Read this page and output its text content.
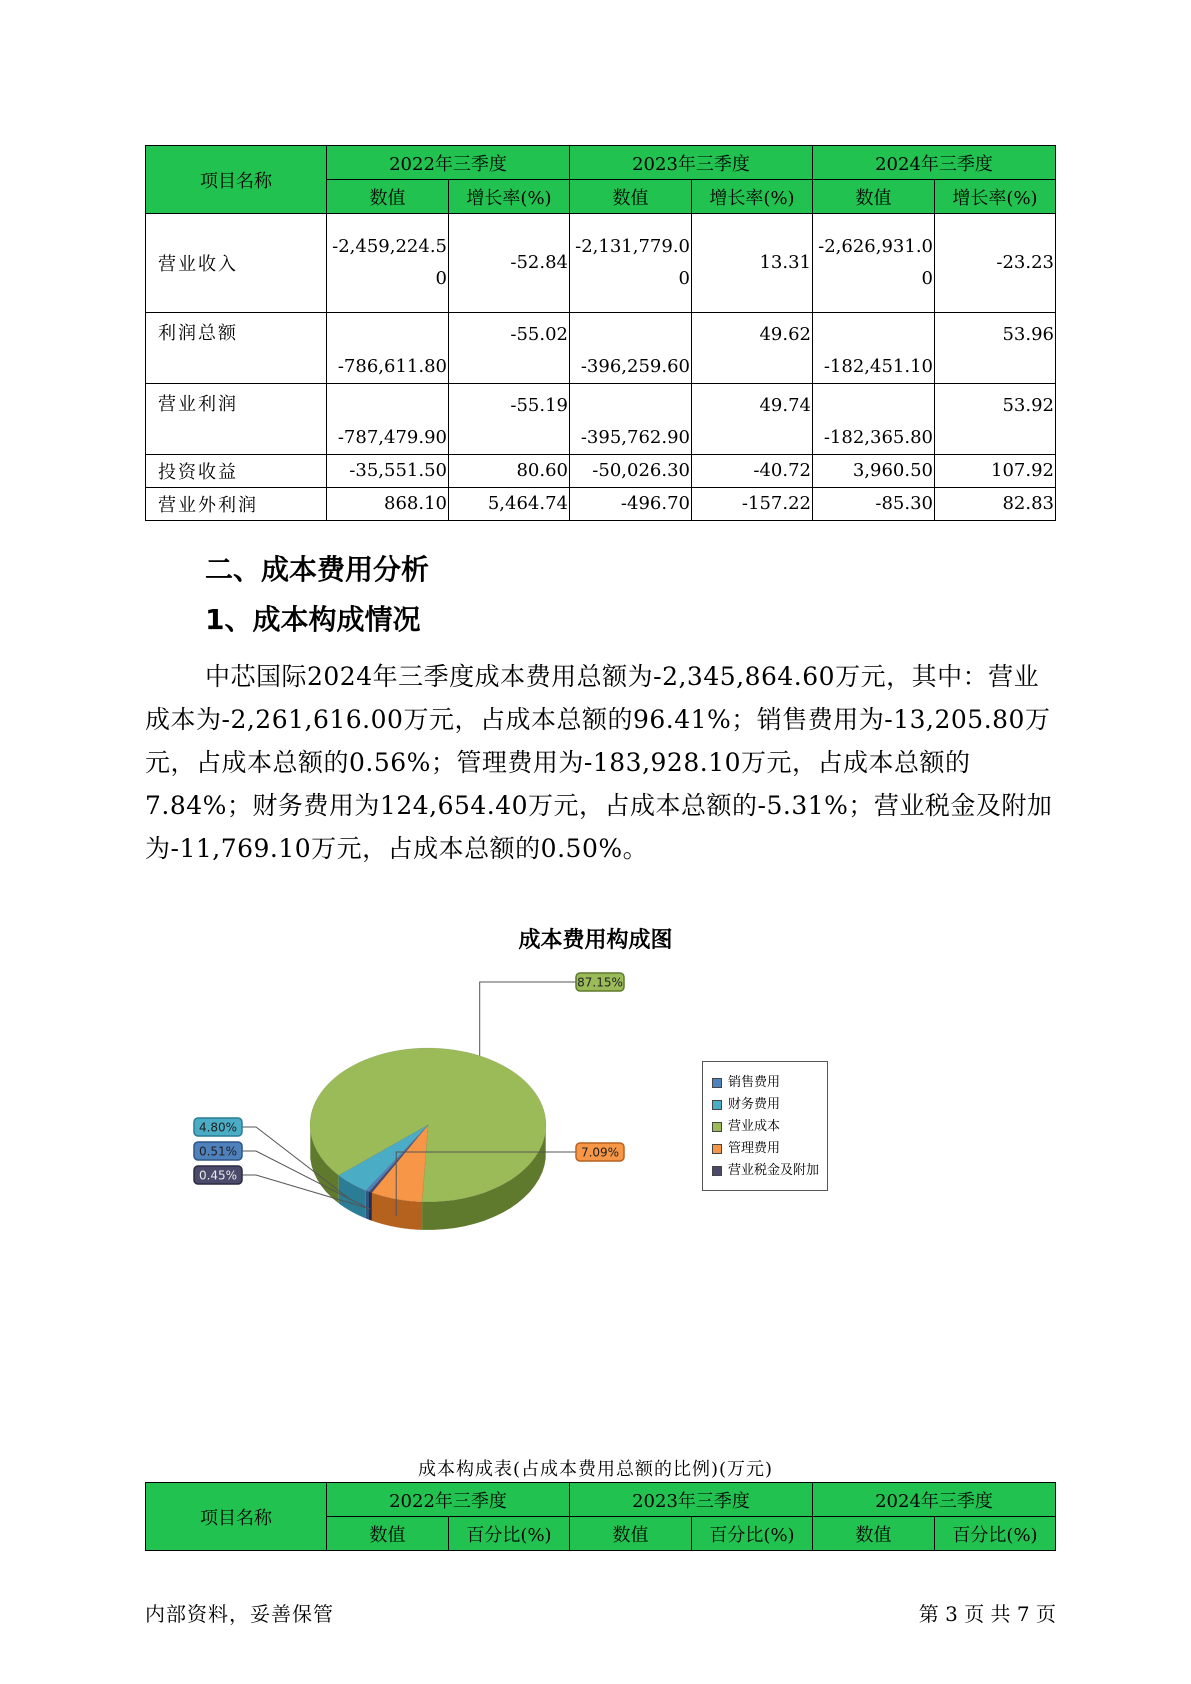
项目名称	2022年三季度		2023年三季度		2024年三季度	
	数值	增长率(%)	数值	增长率(%)	数值	增长率(%)
营业收入	-2,459,224.50	-52.84	-2,131,779.00	13.31	-2,626,931.00	-23.23
利润总额	-786,611.80	-55.02	-396,259.60	49.62	-182,451.10	53.96
营业利润	-787,479.90	-55.19	-395,762.90	49.74	-182,365.80	53.92
投资收益	-35,551.50	80.60	-50,026.30	-40.72	3,960.50	107.92
营业外利润	868.10	5,464.74	-496.70	-157.22	-85.30	82.83
二、成本费用分析
1、成本构成情况

中芯国际2024年三季度成本费用总额为-2,345,864.60万元，其中：营业成本为-2,261,616.00万元，占成本总额的96.41%；销售费用为-13,205.80万元，占成本总额的0.56%；管理费用为-183,928.10万元，占成本总额的7.84%；财务费用为124,654.40万元，占成本总额的-5.31%；营业税金及附加为-11,769.10万元，占成本总额的0.50%。

成本费用构成图
87.15%
7.09%
0.45%
0.51%
4.80%
销售费用
财务费用
营业成本
管理费用
营业税金及附加
成本构成表(占成本费用总额的比例)(万元)
项目名称	2022年三季度		2023年三季度		2024年三季度	
	数值	百分比(%)	数值	百分比(%)	数值	百分比(%)
内部资料，妥善保管	第 3 页 共 7 页
